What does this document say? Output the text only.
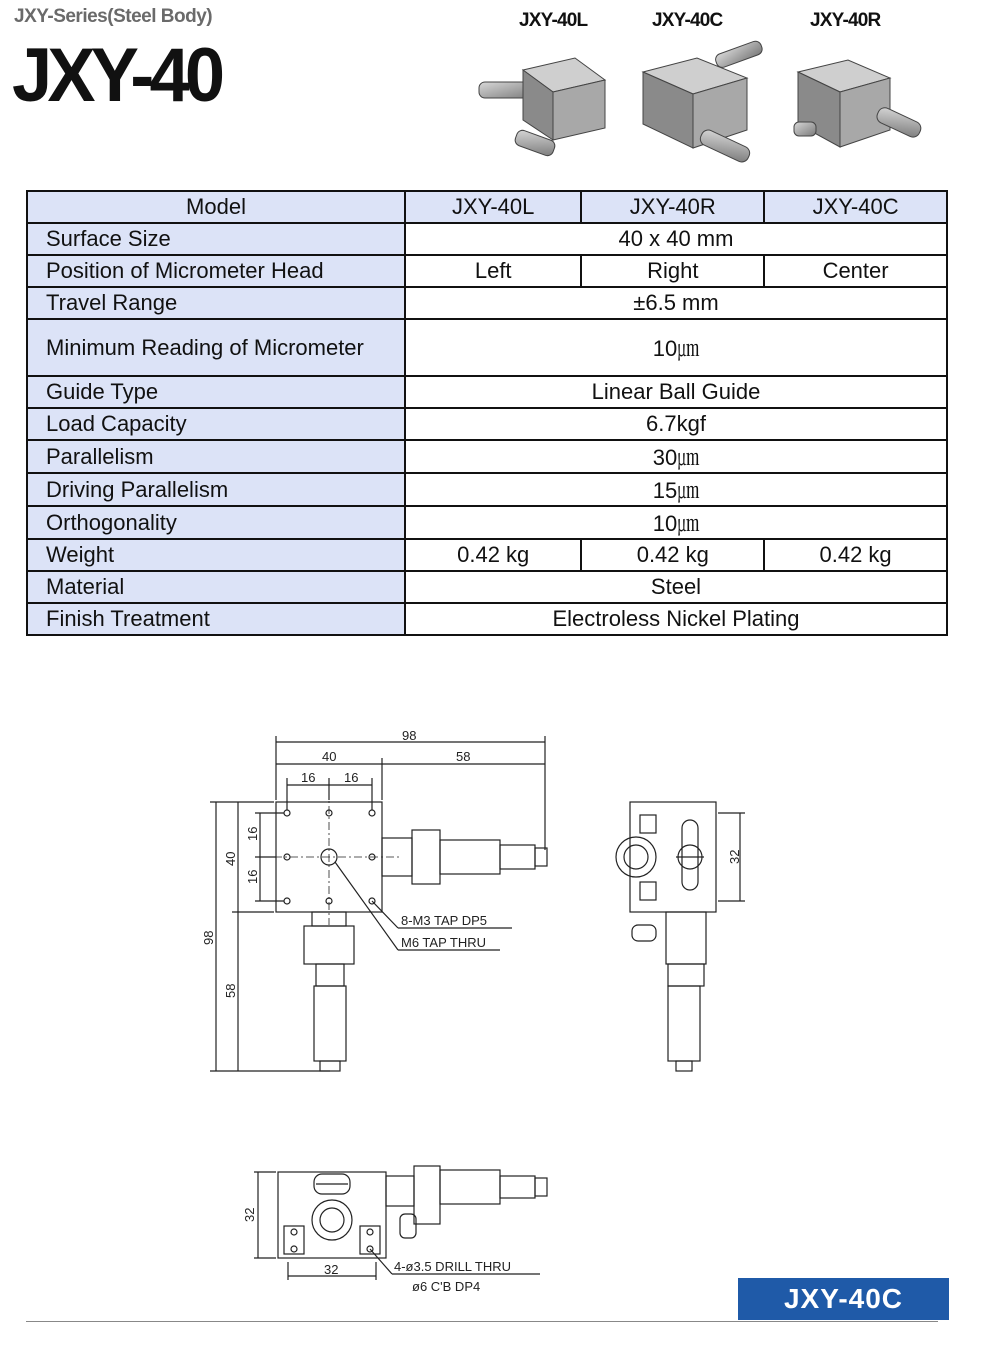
JXY-Series(Steel Body)
JXY-40
JXY-40L	JXY-40C	JXY-40R
Model	JXY-40L	JXY-40R	JXY-40C
Surface Size	40 x 40 mm		
Position of Micrometer Head	Left	Right	Center
Travel Range	±6.5 mm		
Minimum Reading of Micrometer	10㎛		
Guide Type	Linear Ball Guide		
Load Capacity	6.7kgf		
Parallelism	30㎛		
Driving Parallelism	15㎛		
Orthogonality	10㎛		
Weight	0.42 kg	0.42 kg	0.42 kg
Material	Steel		
Finish Treatment	Electroless Nickel Plating		
98
40	58
16 16
8-M3 TAP DP5
M6 TAP THRU
98
40
58
16
16
32
32
32	4-ø3.5 DRILL THRU
ø6 C'B DP4	JXY-40C
